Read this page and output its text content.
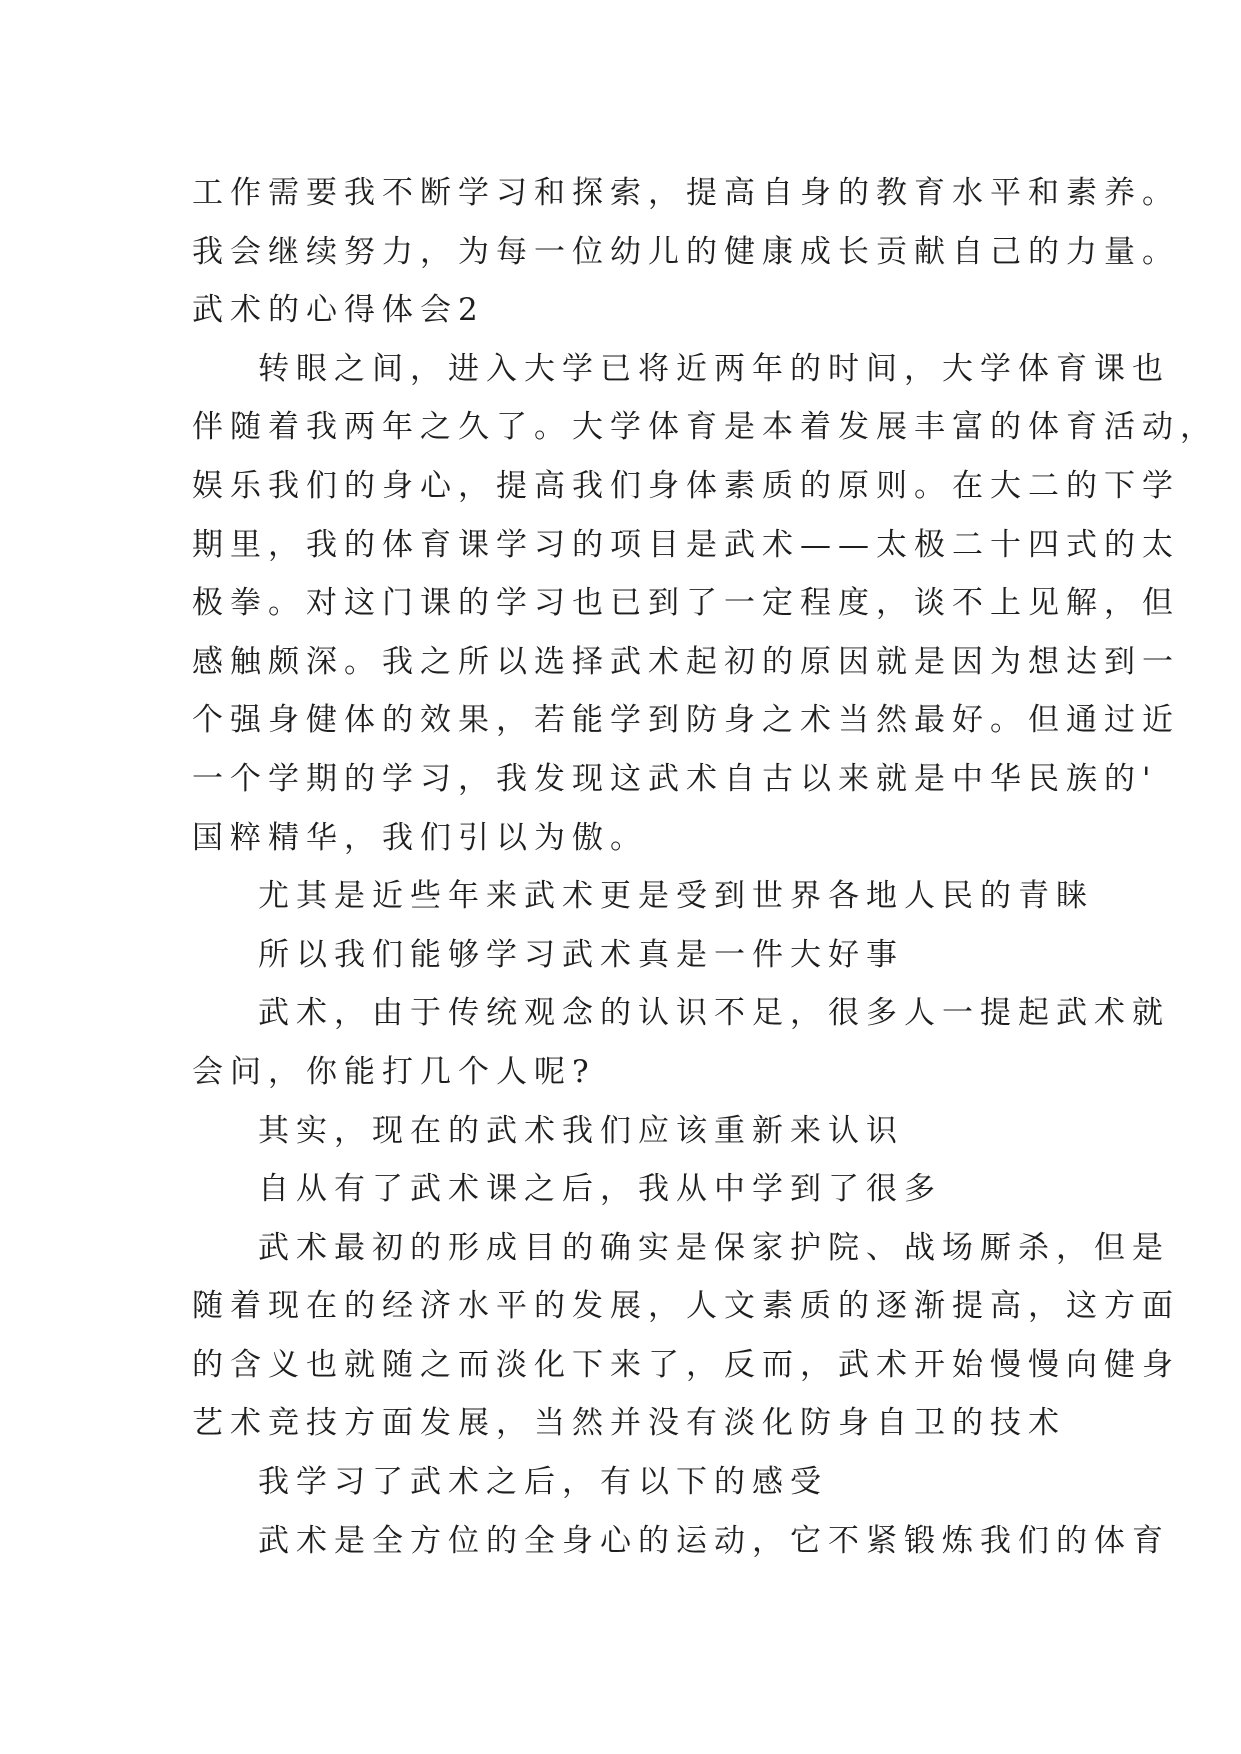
工作需要我不断学习和探索，提高自身的教育水平和素养。
我会继续努力，为每一位幼儿的健康成长贡献自己的力量。
武术的心得体会2
转眼之间，进入大学已将近两年的时间，大学体育课也
伴随着我两年之久了。大学体育是本着发展丰富的体育活动，
娱乐我们的身心，提高我们身体素质的原则。在大二的下学
期里，我的体育课学习的项目是武术——太极二十四式的太
极拳。对这门课的学习也已到了一定程度，谈不上见解，但
感触颇深。我之所以选择武术起初的原因就是因为想达到一
个强身健体的效果，若能学到防身之术当然最好。但通过近
一个学期的学习，我发现这武术自古以来就是中华民族的'
国粹精华，我们引以为傲。
尤其是近些年来武术更是受到世界各地人民的青睐
所以我们能够学习武术真是一件大好事
武术，由于传统观念的认识不足，很多人一提起武术就
会问，你能打几个人呢?
其实，现在的武术我们应该重新来认识
自从有了武术课之后，我从中学到了很多
武术最初的形成目的确实是保家护院、战场厮杀，但是
随着现在的经济水平的发展，人文素质的逐渐提高，这方面
的含义也就随之而淡化下来了，反而，武术开始慢慢向健身
艺术竞技方面发展，当然并没有淡化防身自卫的技术
我学习了武术之后，有以下的感受
武术是全方位的全身心的运动，它不紧锻炼我们的体育
